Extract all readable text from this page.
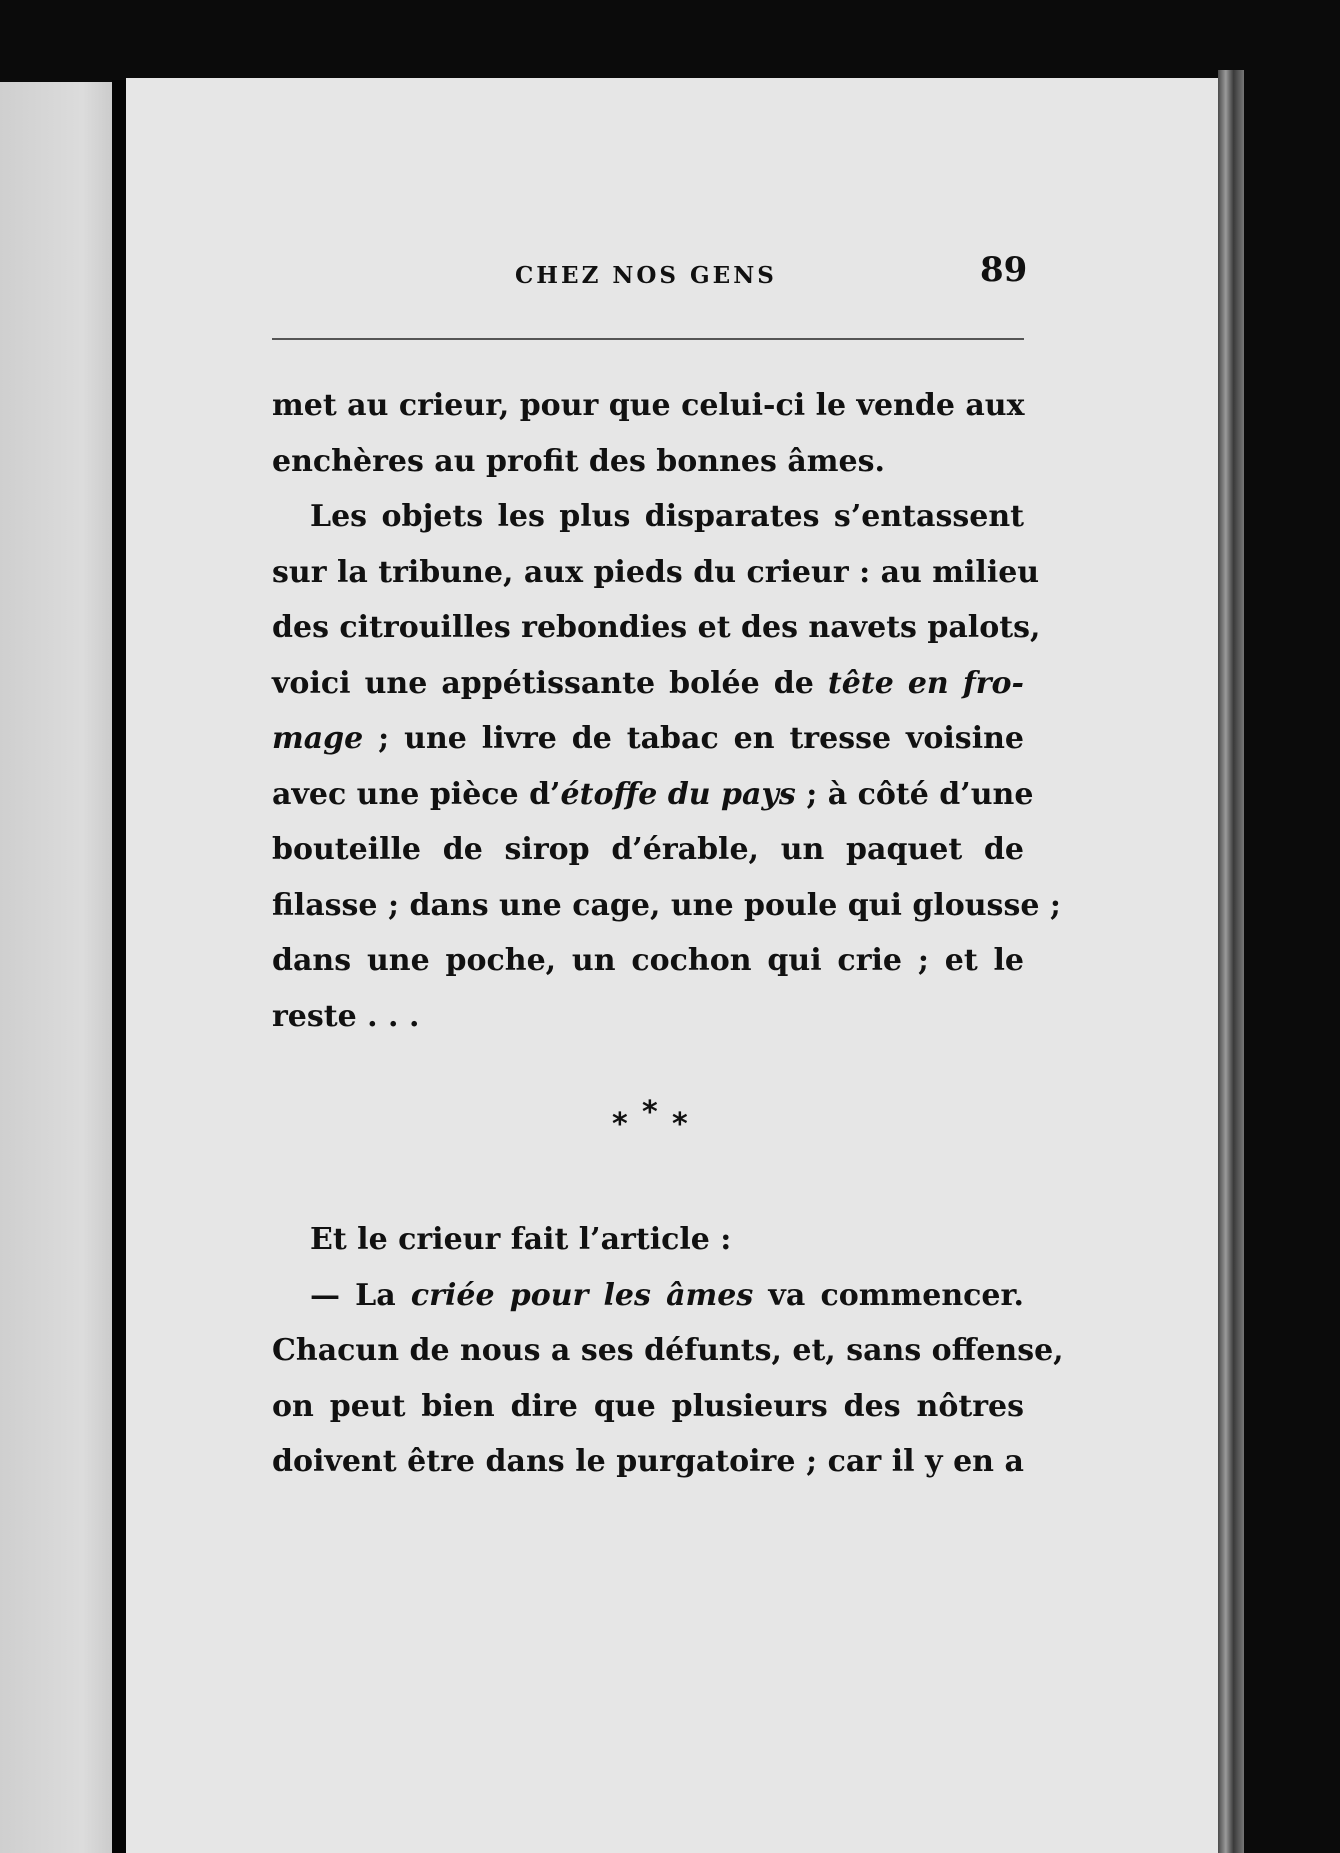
CHEZ NOS GENS	89
met au crieur, pour que celui-ci le vende aux
enchères au profit des bonnes âmes.
Les objets les plus disparates s’entassent
sur la tribune, aux pieds du crieur : au milieu
des citrouilles rebondies et des navets palots,
voici une appétissante bolée de tête en fro-
mage ; une livre de tabac en tresse voisine
avec une pièce d’étoffe du pays ; à côté d’une
bouteille de sirop d’érable, un paquet de
filasse ; dans une cage, une poule qui glousse ;
dans une poche, un cochon qui crie ; et le
reste . . .
* * *
Et le crieur fait l’article :
— La criée pour les âmes va commencer.
Chacun de nous a ses défunts, et, sans offense,
on peut bien dire que plusieurs des nôtres
doivent être dans le purgatoire ; car il y en a
